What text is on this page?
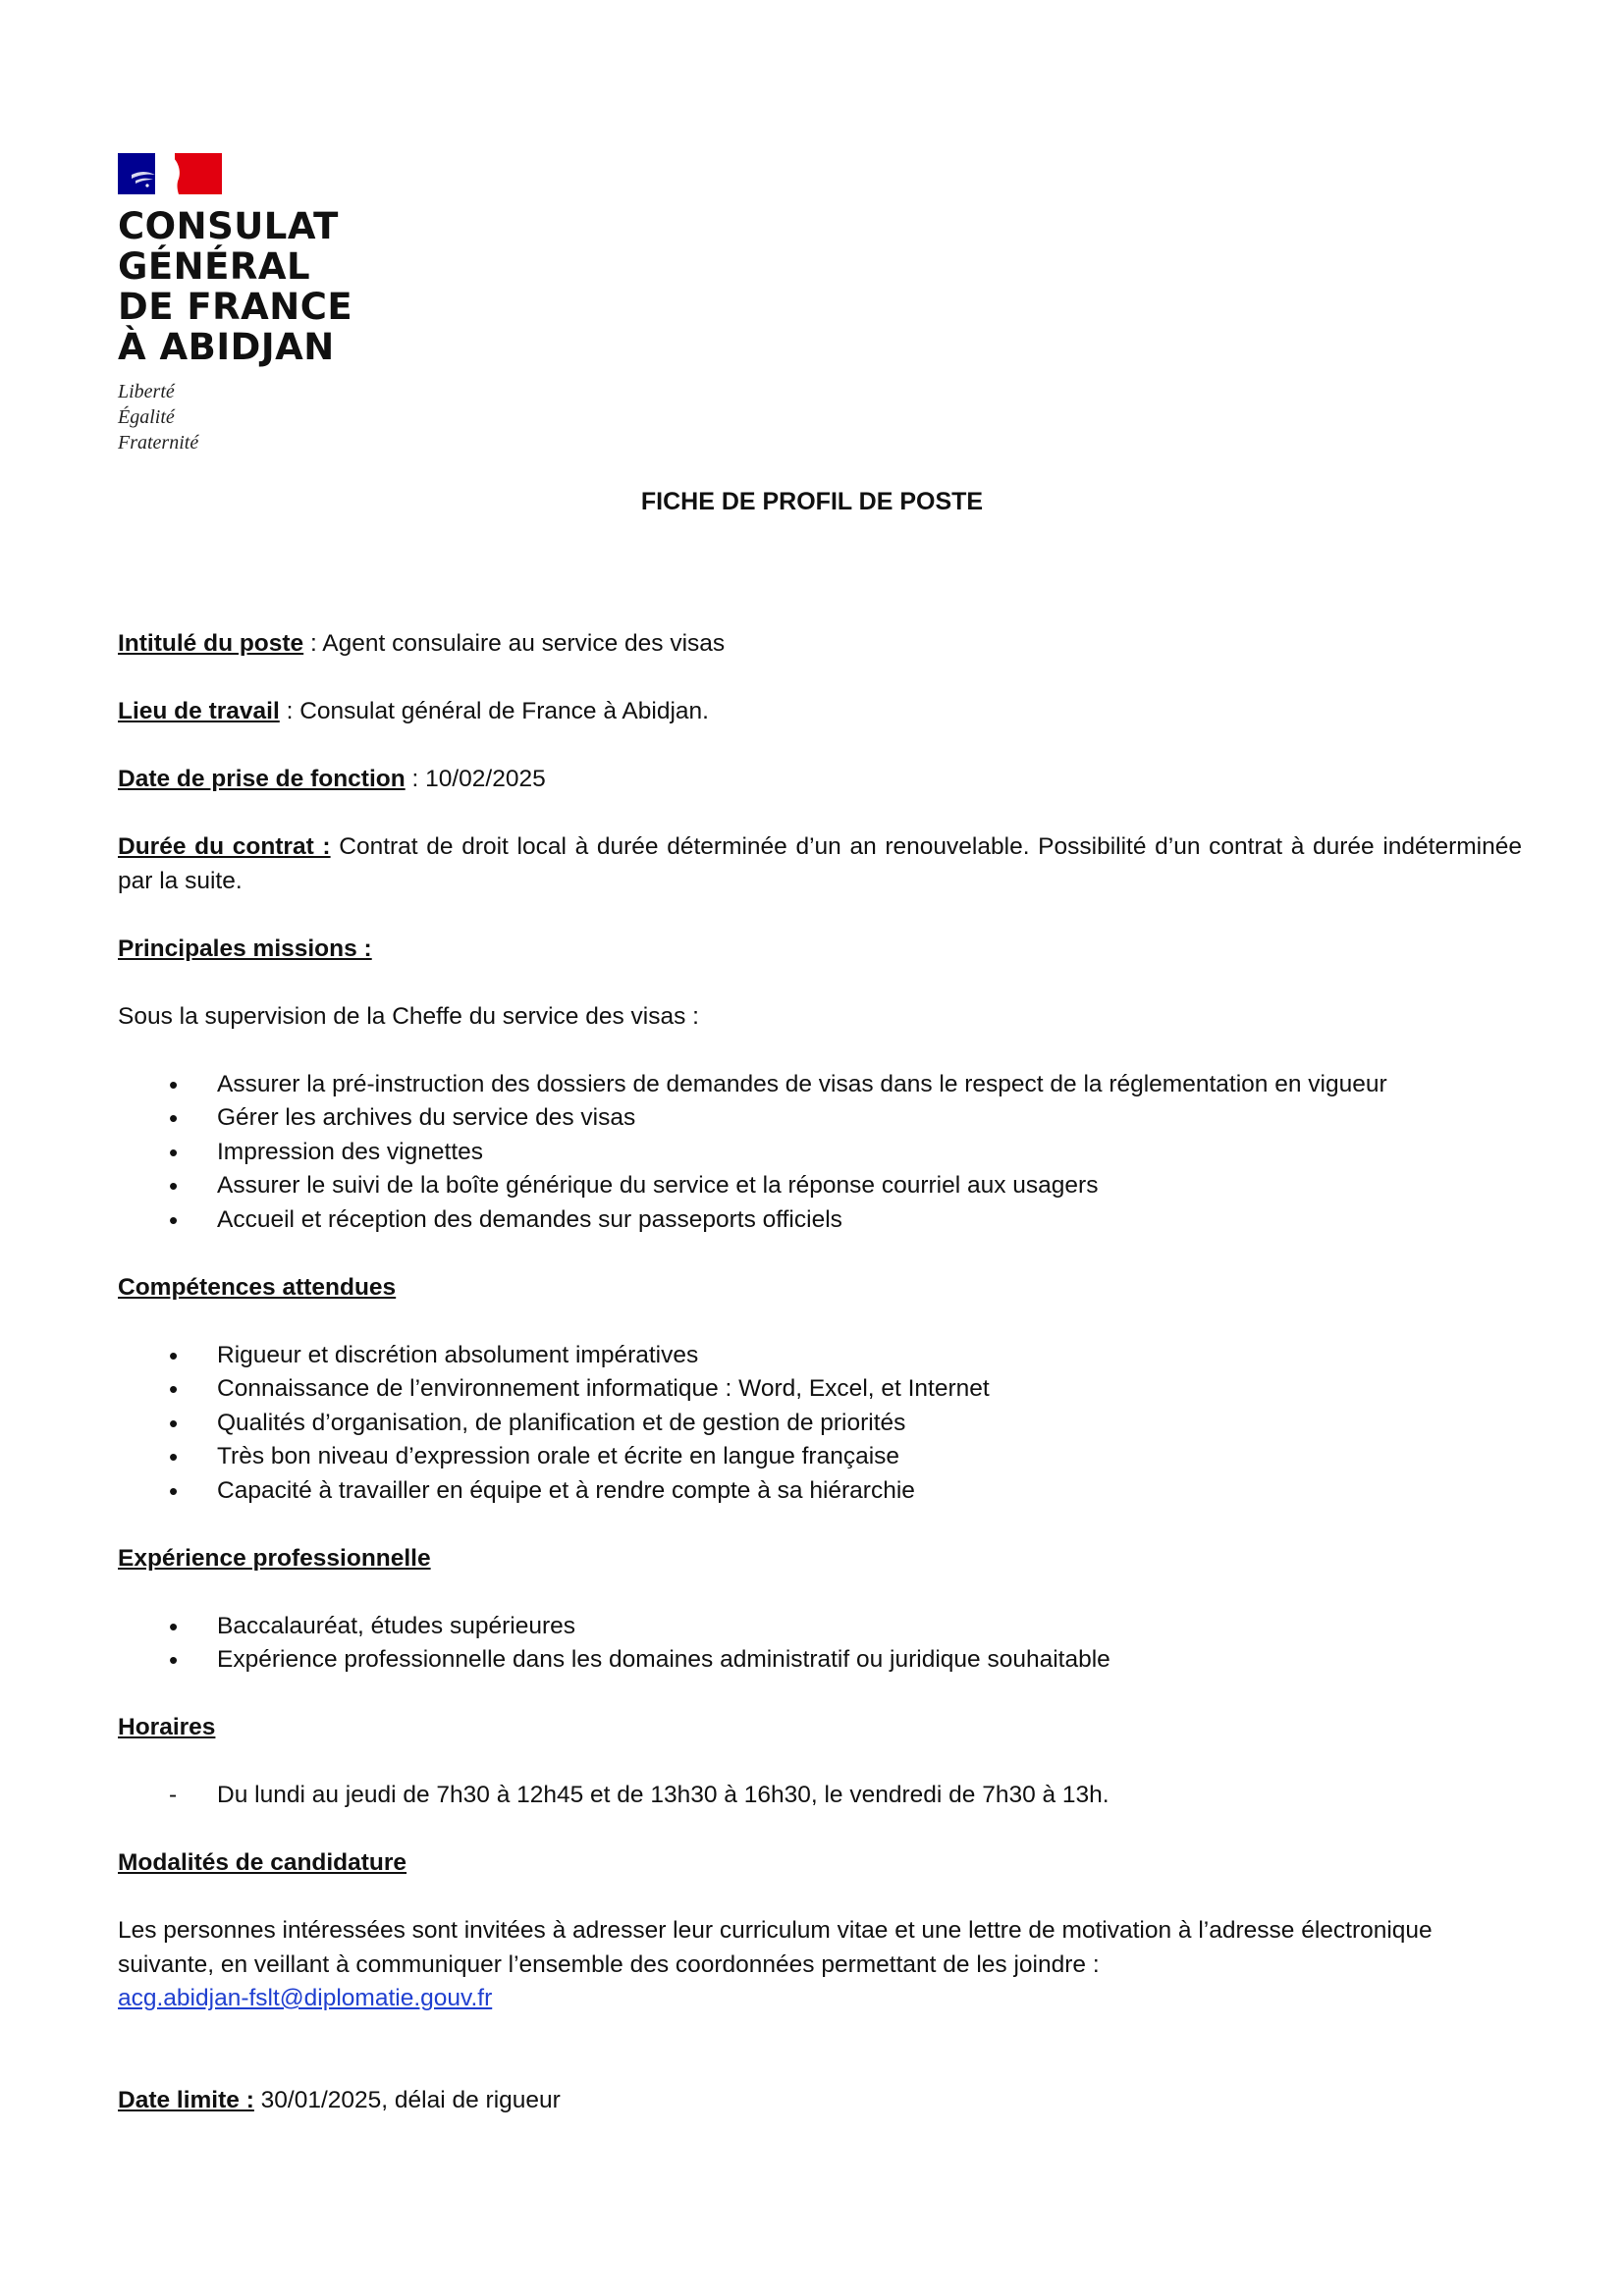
CONSULAT
GÉNÉRAL
DE FRANCE
À ABIDJAN
Liberté
Égalité
Fraternité
FICHE DE PROFIL DE POSTE

Intitulé du poste : Agent consulaire au service des visas

Lieu de travail : Consulat général de France à Abidjan.

Date de prise de fonction : 10/02/2025

Durée du contrat : Contrat de droit local à durée déterminée d’un an renouvelable. Possibilité d’un contrat à durée indéterminée par la suite.

Principales missions :

Sous la supervision de la Cheffe du service des visas :

• Assurer la pré-instruction des dossiers de demandes de visas dans le respect de la réglementation en vigueur
• Gérer les archives du service des visas
• Impression des vignettes
• Assurer le suivi de la boîte générique du service et la réponse courriel aux usagers
• Accueil et réception des demandes sur passeports officiels

Compétences attendues

• Rigueur et discrétion absolument impératives
• Connaissance de l’environnement informatique : Word, Excel, et Internet
• Qualités d’organisation, de planification et de gestion de priorités
• Très bon niveau d’expression orale et écrite en langue française
• Capacité à travailler en équipe et à rendre compte à sa hiérarchie

Expérience professionnelle

• Baccalauréat, études supérieures
• Expérience professionnelle dans les domaines administratif ou juridique souhaitable

Horaires

- Du lundi au jeudi de 7h30 à 12h45 et de 13h30 à 16h30, le vendredi de 7h30 à 13h.

Modalités de candidature

Les personnes intéressées sont invitées à adresser leur curriculum vitae et une lettre de motivation à l’adresse électronique suivante, en veillant à communiquer l’ensemble des coordonnées permettant de les joindre :
acg.abidjan-fslt@diplomatie.gouv.fr

Date limite : 30/01/2025, délai de rigueur
